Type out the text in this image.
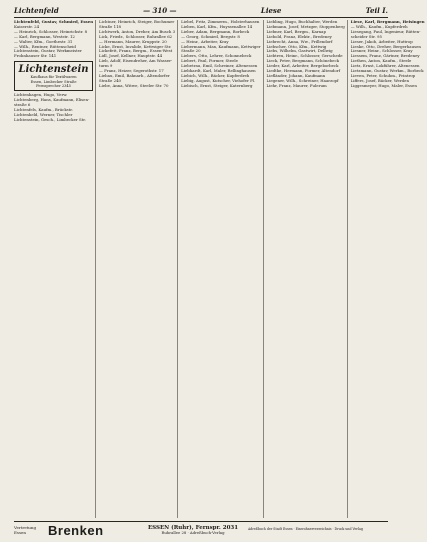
Lichtenfeld	— 310 —	Liese	Teil I.
Lichtenfeld, Gustav, Schmied, Essen
Kaiserstr. 24
— Heinrich, Schlosser, Heinrichstr. 8
— Karl, Bergmann, Weststr. 12
— Walter, Kfm., Goethestr. 31
— Wilh., Rentner, Rüttenscheid
Lichtenstein, Gustav, Werkmeister
Frohnhauser Str. 141
Lichtenstein
Kaufhaus für Textilwaren
Essen, Limbecker Straße
Fernsprecher 2345
Lichtenhagen, Hugo, Verw.
Lichtenberg, Hans, Kaufmann, Elisen-
straße 6
Lichtenfels, Kaufm., Brückstr.
Lichtenheld, Werner, Tischler
Lichtenstein, Gesch., Limbecker Str.
Lichtner, Heinrich, Steiger, Bochumer
Straße 118
Lichtwerk, Anton, Dreher, Am Busch 3
Lick, Friedr., Schlosser, Ruhrallee 62
— Hermann, Maurer, Kruppstr. 20
Licke, Ernst, Invalide, Kettwiger Str.
Lickefett, Franz, Bergm., Essen-West
Lidl, Josef, Kellner, Hauptstr. 44
Lieb, Adolf, Eisendreher, Am Wasser-
turm 9
— Franz, Heizer, Segerothstr. 17
Liebau, Emil, Bahnarb., Altendorfer
Straße 240
Liebe, Anna, Witwe, Steeler Str. 70
Liebel, Fritz, Zimmerm., Holsterhausen
Lieben, Karl, Kfm., Huyssenallee 14
Lieber, Adam, Bergmann, Borbeck
— Georg, Schmied, Bergstr. 8
— Heinr., Arbeiter, Kray
Liebermann, Max, Kaufmann, Kettwiger
Straße 20
Liebers, Otto, Lehrer, Schonnebeck
Liebert, Paul, Former, Steele
Liebetrau, Emil, Schreiner, Altenessen
Liebhardt, Karl, Maler, Rellinghausen
Liebich, Wilh., Bäcker, Kupferdreh
Liebig, August, Kutscher, Viehofer Pl.
Liebisch, Ernst, Steiger, Katernberg
Liebling, Hugo, Buchhalter, Werden
Liebmann, Josef, Metzger, Stoppenberg
Liebner, Karl, Bergm., Karnap
Liebold, Franz, Elektr., Bredeney
Liebrecht, Anna, Ww., Frillendorf
Liebscher, Otto, Kfm., Kettwig
Liebs, Wilhelm, Gastwirt, Dellwig
Liebtreu, Heinr., Schlosser, Gerschede
Lieck, Peter, Bergmann, Schönebeck
Lieder, Karl, Arbeiter, Bergeborbeck
Liedtke, Hermann, Former, Altendorf
Liefländer, Johann, Kaufmann
Liegener, Wilh., Schreiner, Haarzopf
Liehr, Franz, Maurer, Fulerum
Liese, Karl, Bergmann, Heisingen
— Wilh., Kaufm., Kupferdreh
Liesegang, Paul, Ingenieur, Rütten-
scheider Str. 95
Lieser, Jakob, Arbeiter, Huttrop
Lieske, Otto, Dreher, Bergerhausen
Liesner, Heinr., Schlosser, Kray
Liessem, Franz, Gärtner, Bredeney
Liethen, Anton, Kaufm., Steele
Lietz, Ernst, Lokführer, Altenessen
Lietzmann, Gustav, Werkm., Borbeck
Lieven, Peter, Schuhm., Frintrop
Liffers, Josef, Bäcker, Werden
Liggesmeyer, Hugo, Maler, Essen
Vertretung Essen	Brenken	ESSEN (Ruhr), Fernspr. 2031
Ruhrallee 28 · Adreßbuch-Verlag
Adreßbuch der Stadt Essen · Einwohnerverzeichnis · Druck und Verlag
